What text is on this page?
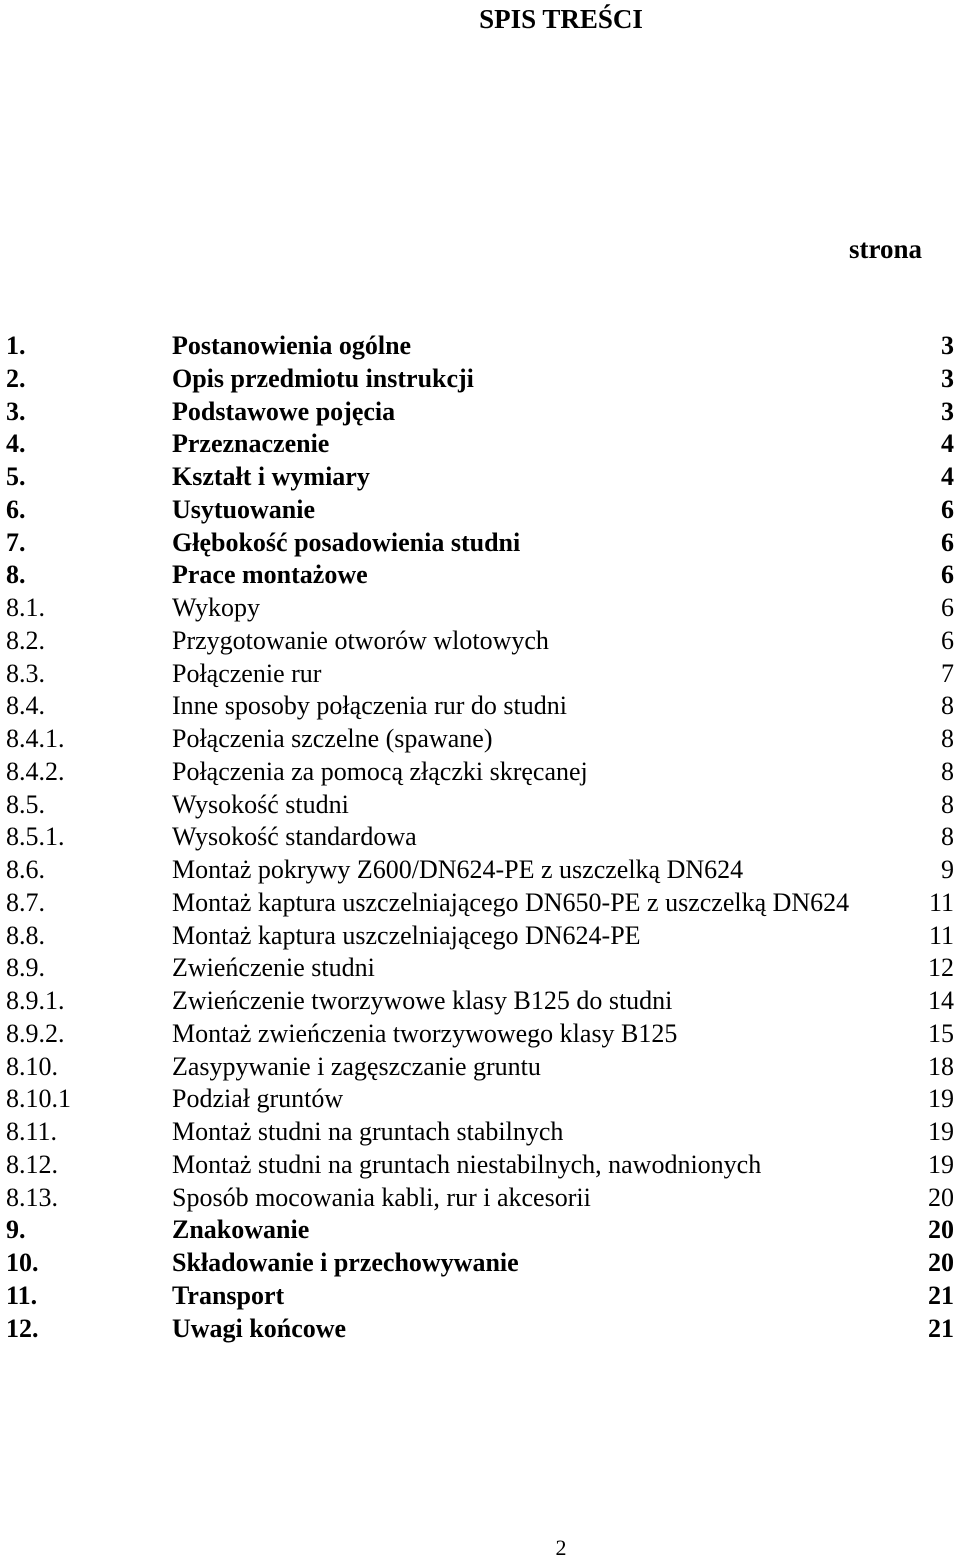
SPIS TREŚCI
strona
1.	Postanowienia ogólne	3
2.	Opis przedmiotu instrukcji	3
3.	Podstawowe pojęcia	3
4.	Przeznaczenie	4
5.	Kształt i wymiary	4
6.	Usytuowanie	6
7.	Głębokość posadowienia studni	6
8.	Prace montażowe	6
8.1.	Wykopy	6
8.2.	Przygotowanie otworów wlotowych	6
8.3.	Połączenie rur	7
8.4.	Inne sposoby połączenia rur do studni	8
8.4.1.	Połączenia szczelne (spawane)	8
8.4.2.	Połączenia za pomocą złączki skręcanej	8
8.5.	Wysokość studni	8
8.5.1.	Wysokość standardowa	8
8.6.	Montaż pokrywy Z600/DN624-PE z uszczelką DN624	9
8.7.	Montaż kaptura uszczelniającego DN650-PE z uszczelką DN624	11
8.8.	Montaż kaptura uszczelniającego DN624-PE	11
8.9.	Zwieńczenie studni	12
8.9.1.	Zwieńczenie tworzywowe klasy B125 do studni	14
8.9.2.	Montaż zwieńczenia tworzywowego klasy B125	15
8.10.	Zasypywanie i zagęszczanie gruntu	18
8.10.1	Podział gruntów	19
8.11.	Montaż studni na gruntach stabilnych	19
8.12.	Montaż studni na gruntach niestabilnych, nawodnionych	19
8.13.	Sposób mocowania kabli, rur i akcesorii	20
9.	Znakowanie	20
10.	Składowanie i przechowywanie	20
11.	Transport	21
12.	Uwagi końcowe	21
2
